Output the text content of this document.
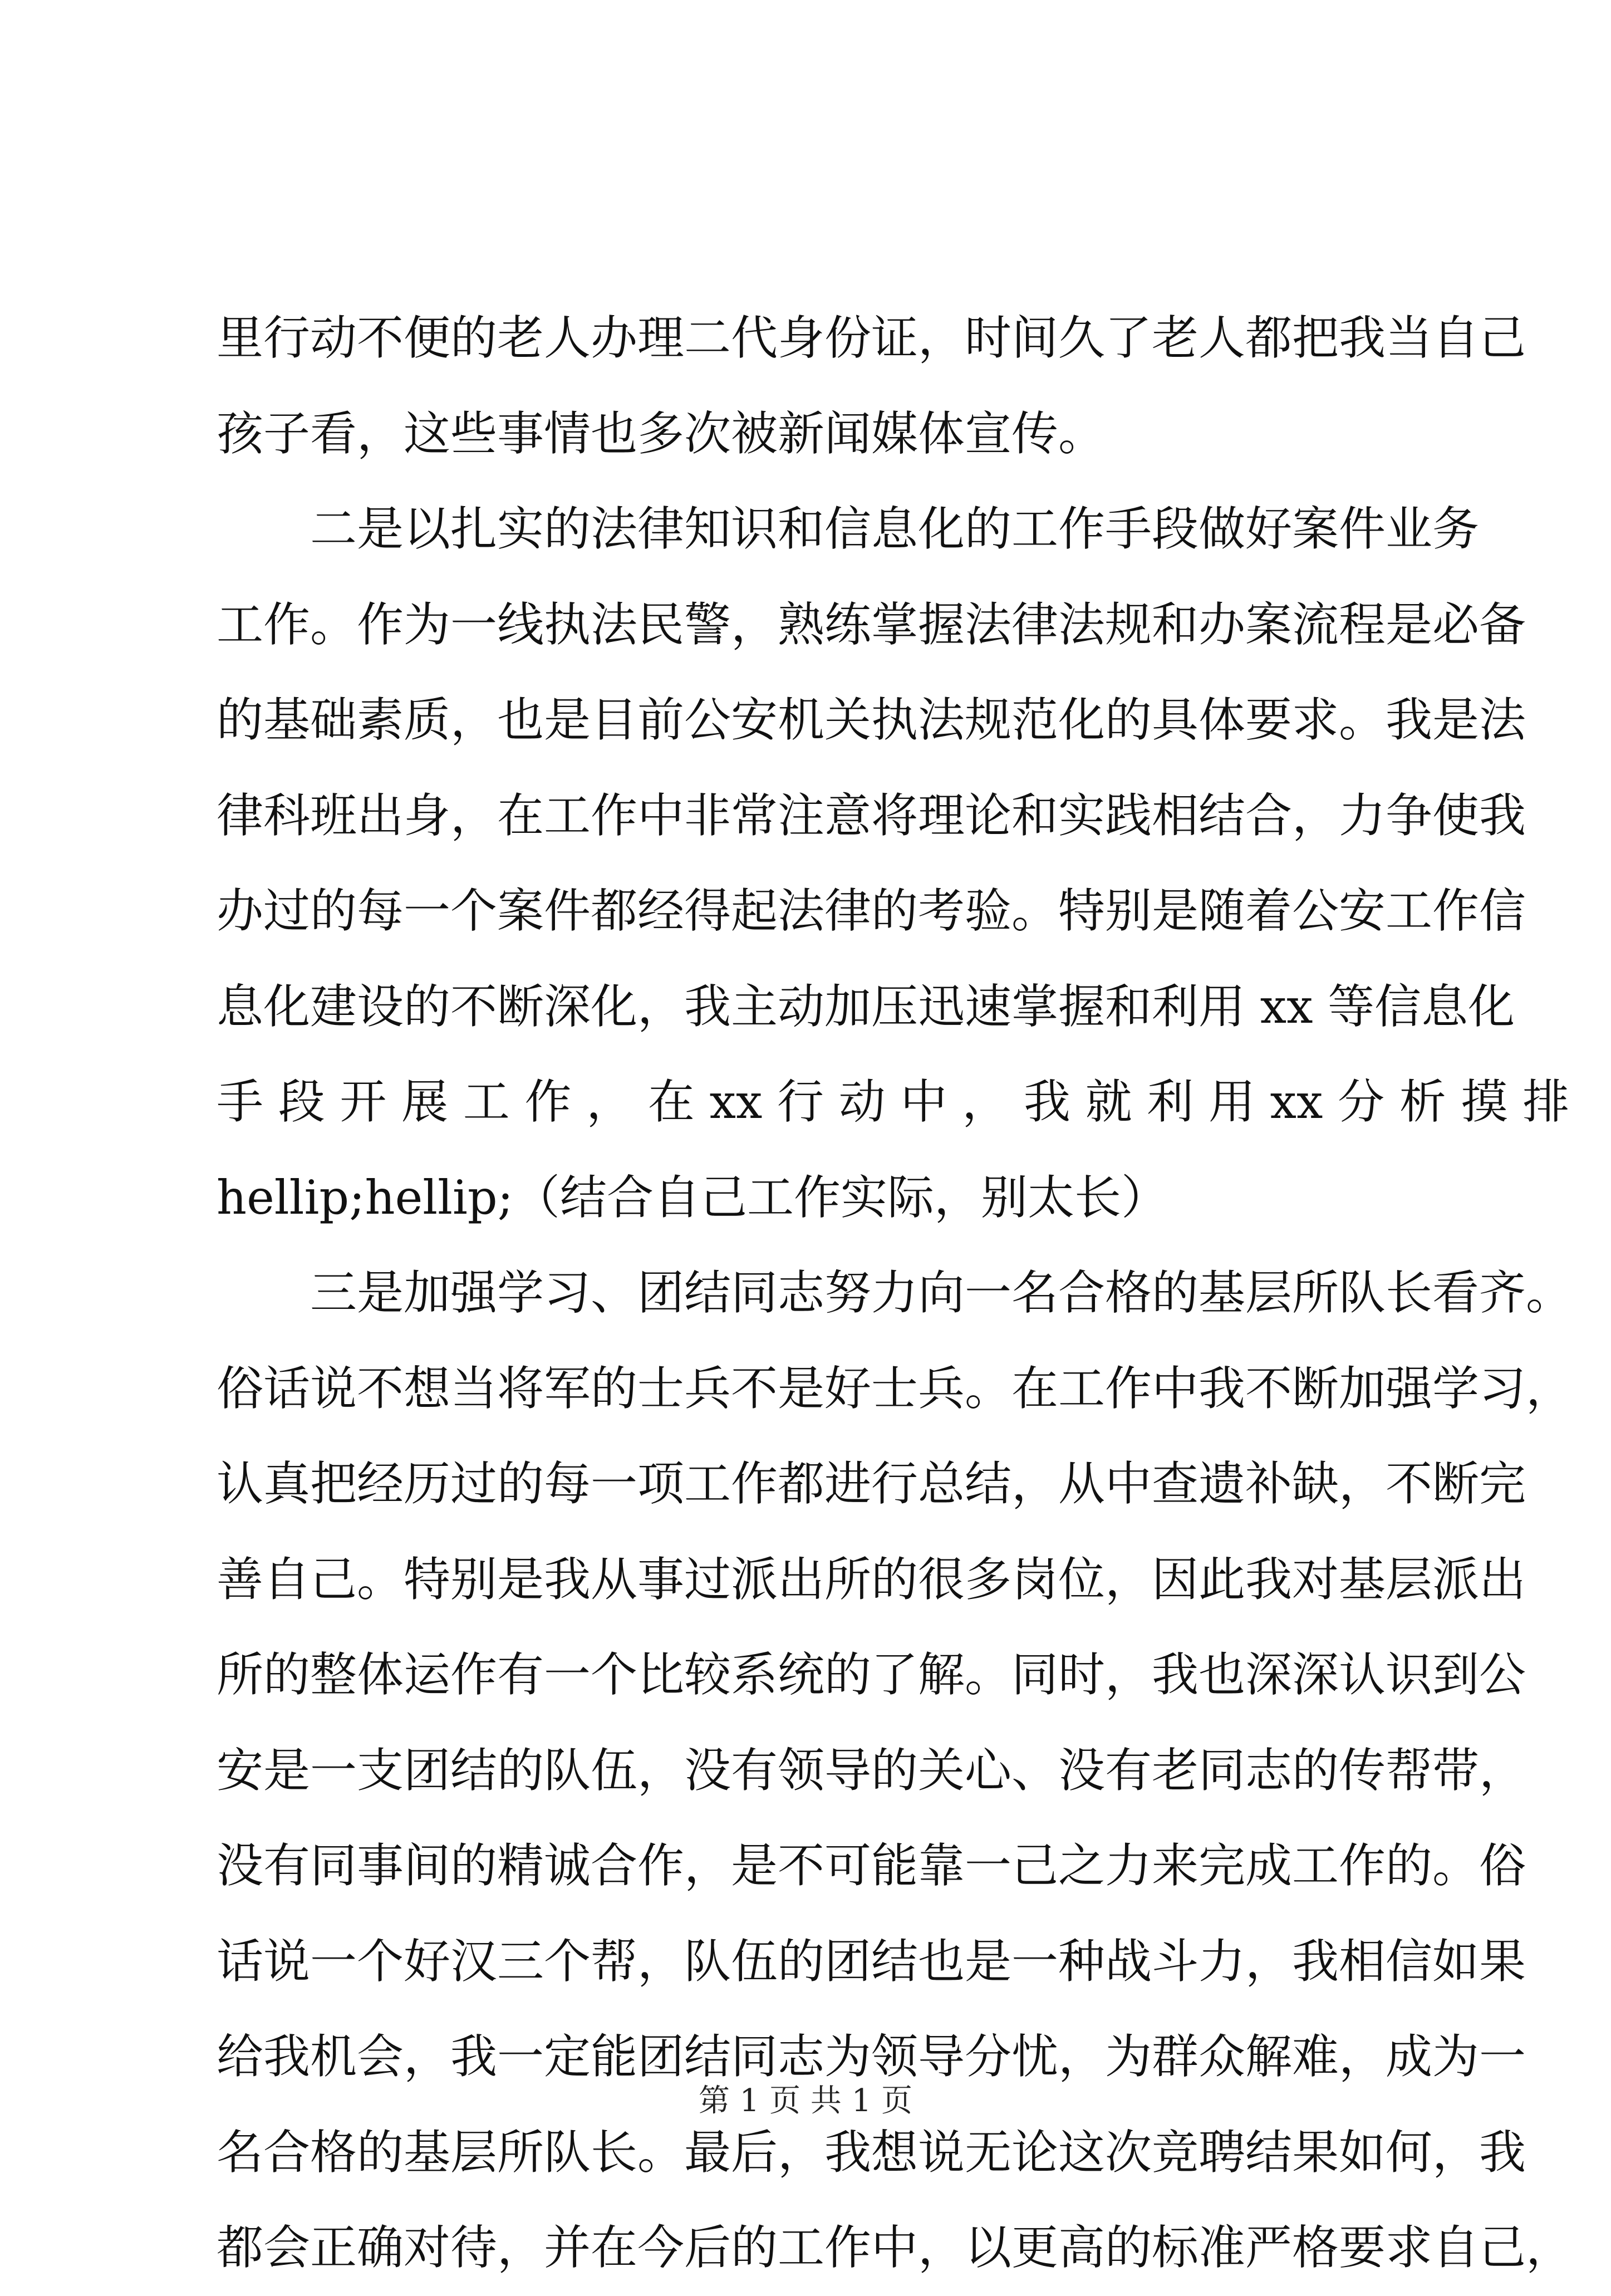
里行动不便的老人办理二代身份证，时间久了老人都把我当自己
孩子看，这些事情也多次被新闻媒体宣传。
二是以扎实的法律知识和信息化的工作手段做好案件业务
工作。作为一线执法民警，熟练掌握法律法规和办案流程是必备
的基础素质，也是目前公安机关执法规范化的具体要求。我是法
律科班出身，在工作中非常注意将理论和实践相结合，力争使我
办过的每一个案件都经得起法律的考验。特别是随着公安工作信
息化建设的不断深化，我主动加压迅速掌握和利用 xx 等信息化
手 段 开 展 工 作 ， 在 xx 行 动 中 ， 我 就 利 用 xx 分 析 摸 排
hellip;hellip;（结合自己工作实际，别太长）
三是加强学习、团结同志努力向一名合格的基层所队长看齐。
俗话说不想当将军的士兵不是好士兵。在工作中我不断加强学习，
认真把经历过的每一项工作都进行总结，从中查遗补缺，不断完
善自己。特别是我从事过派出所的很多岗位，因此我对基层派出
所的整体运作有一个比较系统的了解。同时，我也深深认识到公
安是一支团结的队伍，没有领导的关心、没有老同志的传帮带，
没有同事间的精诚合作，是不可能靠一己之力来完成工作的。俗
话说一个好汉三个帮，队伍的团结也是一种战斗力，我相信如果
给我机会，我一定能团结同志为领导分忧，为群众解难，成为一
名合格的基层所队长。最后，我想说无论这次竞聘结果如何，我
都会正确对待，并在今后的工作中，以更高的标准严格要求自己，
第 1 页 共 1 页
